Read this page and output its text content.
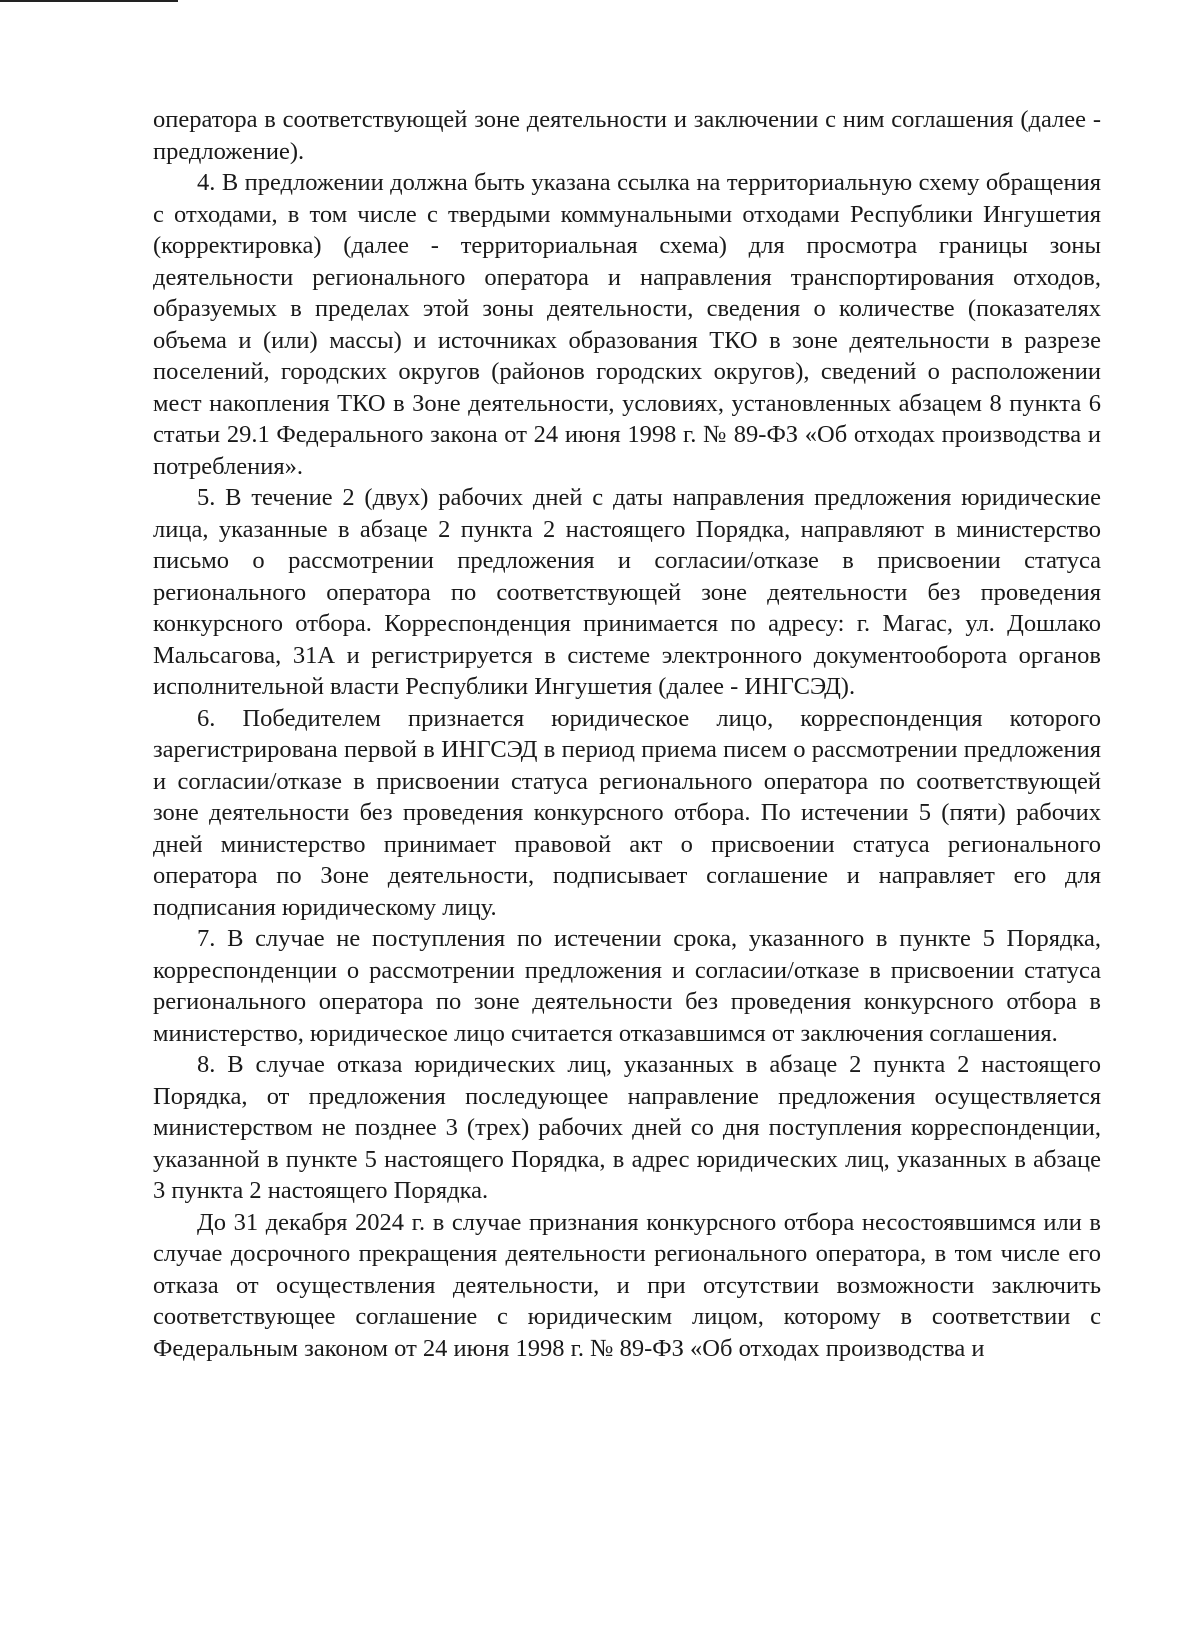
оператора в соответствующей зоне деятельности и заключении с ним соглашения (далее - предложение).

4. В предложении должна быть указана ссылка на территориальную схему обращения с отходами, в том числе с твердыми коммунальными отходами Республики Ингушетия (корректировка) (далее - территориальная схема) для просмотра границы зоны деятельности регионального оператора и направления транспортирования отходов, образуемых в пределах этой зоны деятельности, сведения о количестве (показателях объема и (или) массы) и источниках образования ТКО в зоне деятельности в разрезе поселений, городских округов (районов городских округов), сведений о расположении мест накопления ТКО в Зоне деятельности, условиях, установленных абзацем 8 пункта 6 статьи 29.1 Федерального закона от 24 июня 1998 г. № 89-ФЗ «Об отходах производства и потребления».

5. В течение 2 (двух) рабочих дней с даты направления предложения юридические лица, указанные в абзаце 2 пункта 2 настоящего Порядка, направляют в министерство письмо о рассмотрении предложения и согласии/отказе в присвоении статуса регионального оператора по соответствующей зоне деятельности без проведения конкурсного отбора. Корреспонденция принимается по адресу: г. Магас, ул. Дошлако Мальсагова, 31А и регистрируется в системе электронного документооборота органов исполнительной власти Республики Ингушетия (далее - ИНГСЭД).

6. Победителем признается юридическое лицо, корреспонденция которого зарегистрирована первой в ИНГСЭД в период приема писем о рассмотрении предложения и согласии/отказе в присвоении статуса регионального оператора по соответствующей зоне деятельности без проведения конкурсного отбора. По истечении 5 (пяти) рабочих дней министерство принимает правовой акт о присвоении статуса регионального оператора по Зоне деятельности, подписывает соглашение и направляет его для подписания юридическому лицу.

7. В случае не поступления по истечении срока, указанного в пункте 5 Порядка, корреспонденции о рассмотрении предложения и согласии/отказе в присвоении статуса регионального оператора по зоне деятельности без проведения конкурсного отбора в министерство, юридическое лицо считается отказавшимся от заключения соглашения.

8. В случае отказа юридических лиц, указанных в абзаце 2 пункта 2 настоящего Порядка, от предложения последующее направление предложения осуществляется министерством не позднее 3 (трех) рабочих дней со дня поступления корреспонденции, указанной в пункте 5 настоящего Порядка, в адрес юридических лиц, указанных в абзаце 3 пункта 2 настоящего Порядка.

До 31 декабря 2024 г. в случае признания конкурсного отбора несостоявшимся или в случае досрочного прекращения деятельности регионального оператора, в том числе его отказа от осуществления деятельности, и при отсутствии возможности заключить соответствующее соглашение с юридическим лицом, которому в соответствии с Федеральным законом от 24 июня 1998 г. № 89-ФЗ «Об отходах производства и
